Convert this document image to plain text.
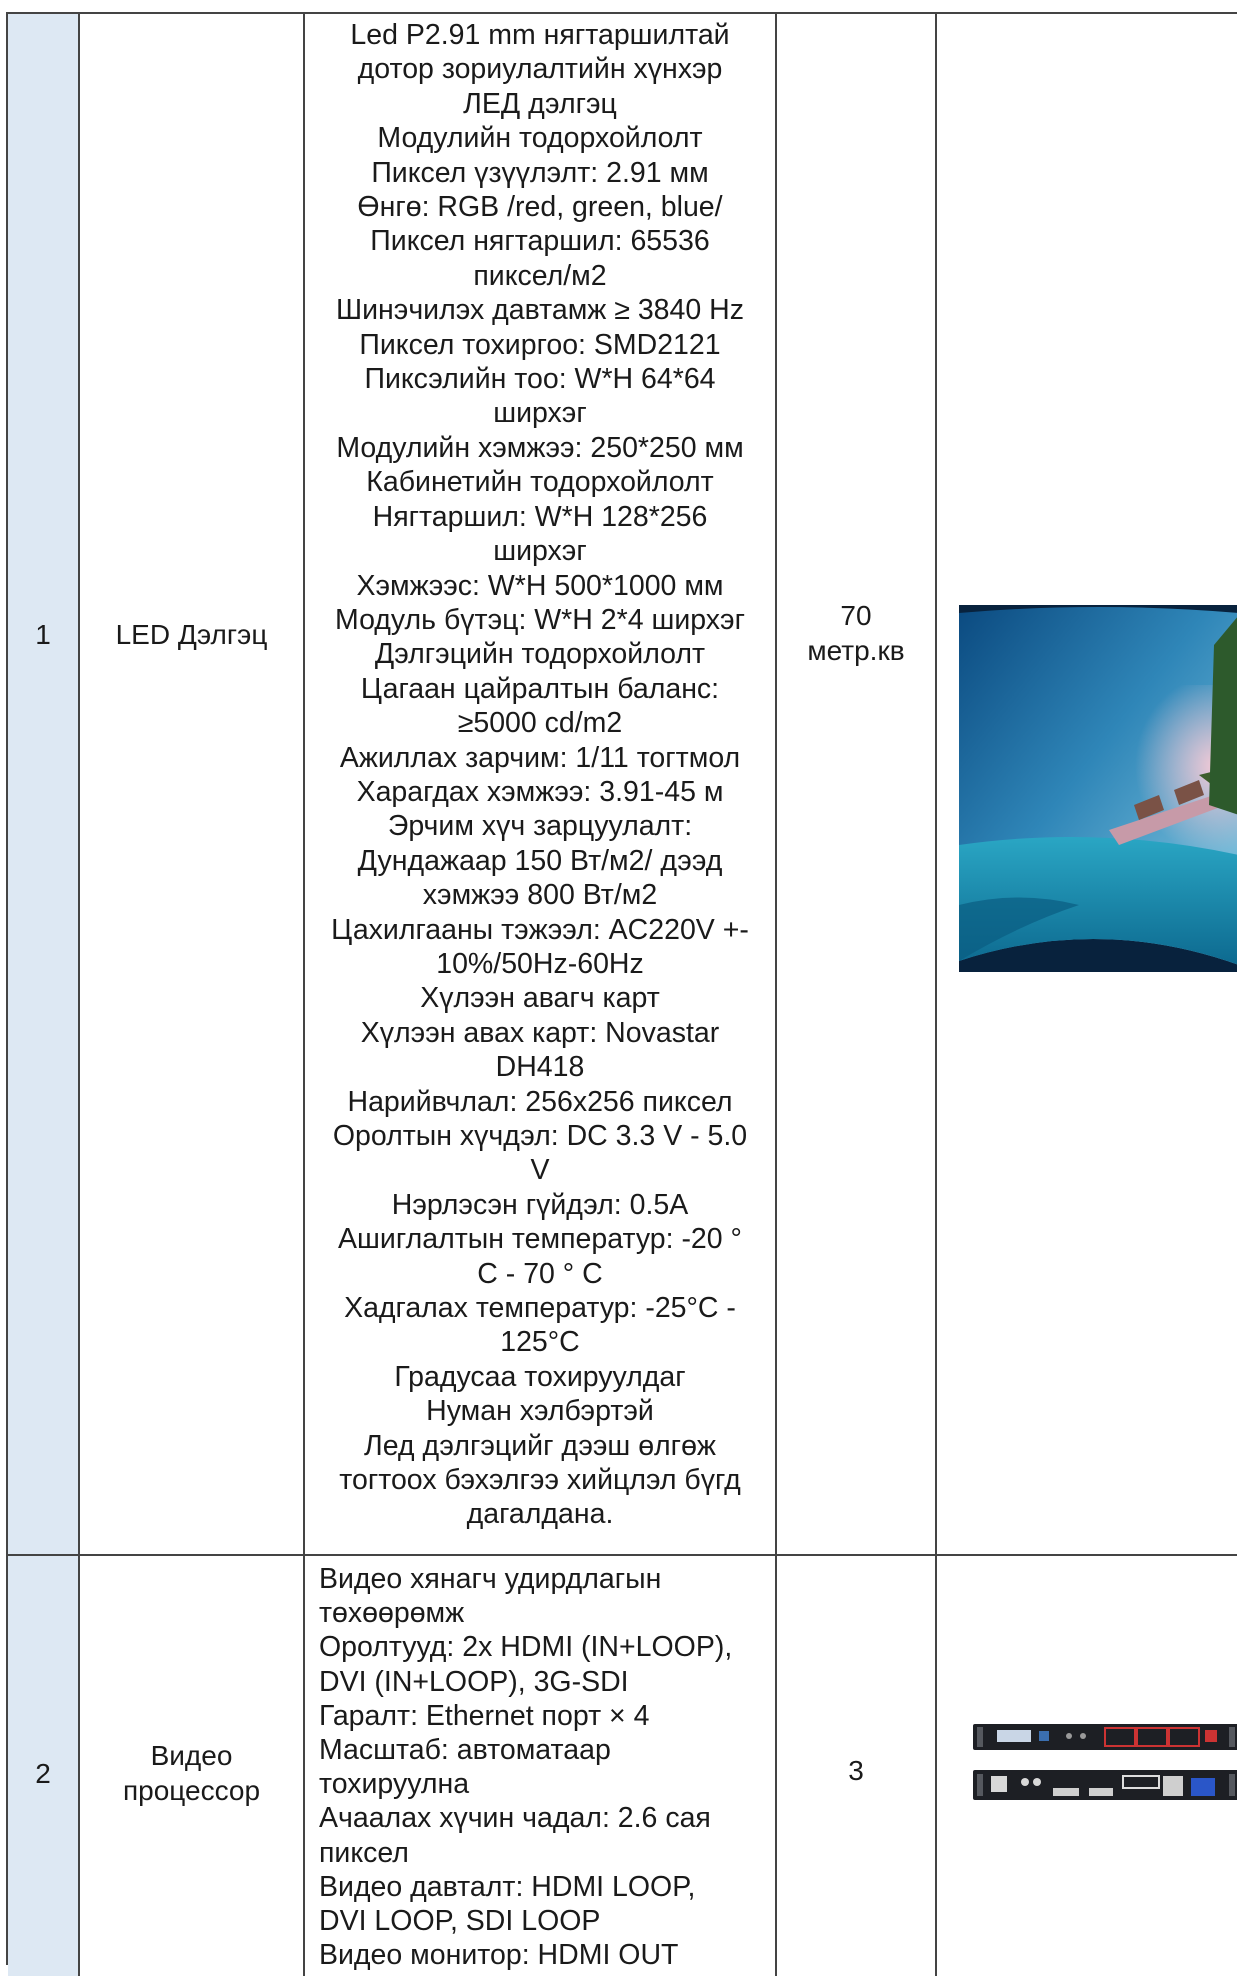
1	LED Дэлгэц
Led P2.91 mm нягтаршилтай
дотор зориулалтийн хүнхэр
ЛЕД дэлгэц
Модулийн тодорхойлолт
Пиксел үзүүлэлт: 2.91 мм
Өнгө: RGB /red, green, blue/
Пиксел нягтаршил: 65536
пиксел/м2
Шинэчилэх давтамж ≥ 3840 Hz
Пиксел тохиргоо: SMD2121
Пиксэлийн тоо: W*H 64*64
ширхэг
Модулийн хэмжээ: 250*250 мм
Кабинетийн тодорхойлолт
Нягтаршил: W*H 128*256
ширхэг
Хэмжээс: W*H 500*1000 мм
Модуль бүтэц: W*H 2*4 ширхэг
Дэлгэцийн тодорхойлолт
Цагаан цайралтын баланс:
≥5000 cd/m2
Ажиллах зарчим: 1/11 тогтмол
Харагдах хэмжээ: 3.91-45 м
Эрчим хүч зарцуулалт:
Дундажаар 150 Вт/м2/ дээд
хэмжээ 800 Вт/м2
Цахилгааны тэжээл: AC220V +-
10%/50Hz-60Hz
Хүлээн авагч карт
Хүлээн авах карт: Novastar
DH418
Нарийвчлал: 256x256 пиксел
Оролтын хүчдэл: DC 3.3 V - 5.0
V
Нэрлэсэн гүйдэл: 0.5A
Ашиглалтын температур: -20 °
C - 70 ° C
Хадгалах температур: -25°C -
125°C
Градусаа тохируулдаг
Нуман хэлбэртэй
Лед дэлгэцийг дээш өлгөж
тогтоох бэхэлгээ хийцлэл бүгд
дагалдана.
70
метр.кв
2
Видео
процессор
Видео хянагч удирдлагын
төхөөрөмж
Оролтууд: 2x HDMI (IN+LOOP),
DVI (IN+LOOP), 3G-SDI
Гаралт: Ethernet порт × 4
Масштаб: автоматаар
тохируулна
Ачаалах хүчин чадал: 2.6 сая
пиксел
Видео давталт: HDMI LOOP,
DVI LOOP, SDI LOOP
Видео монитор: HDMI OUT
3
